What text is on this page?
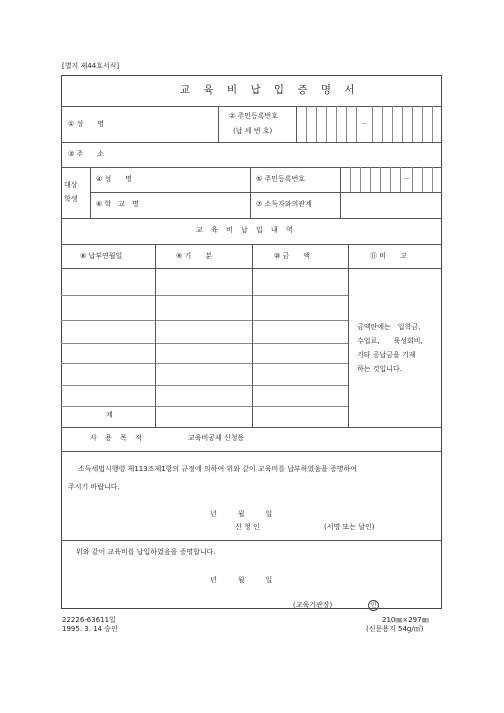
[별지 제44호서식]
교 육 비 납 입 증 명 서
① 성　　명
② 주민등록번호
(납 세 번 호)
－
③ 주　　소
대상
학생
④ 성　　명	⑤ 주민등록번호	－
⑥ 학　교　명	⑦ 소득자와의관계
교 육 비 납 입 내 역
⑧ 납부연월일	⑨ 기　　분	⑩ 금　　액	⑪ 비　　고
금액란에는　입학금,
수업료,　　육성회비,
기타 공납금을 기재
하는 것입니다.
계
사 용 목 적	교육비공제 신청용
소득세법시행령 제113조제1항의 규정에 의하여 위와 같이 교육비를 납부하였음을 증명하여
주시기 바랍니다.
년　　　월　　　일
신 청 인	(서명 또는 날인)
위와 같이 교육비를 납입하였음을 증명합니다.
년　　　월　　　일
(교육기관장)	인
22226-63611일
1995. 3. 14 승인
210㎜×297㎜
(신문용지 54g/㎡)
